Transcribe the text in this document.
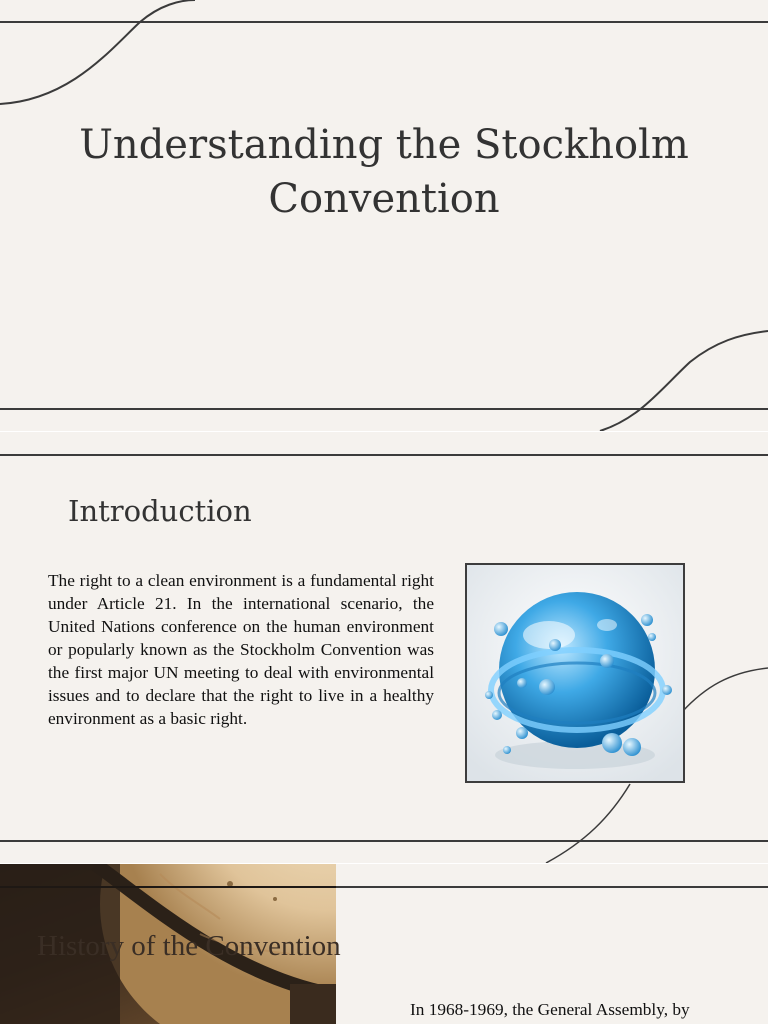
Understanding the Stockholm Convention
Introduction

The right to a clean environment is a fundamental right under Article 21. In the international scenario, the United Nations conference on the human environment or popularly known as the Stockholm Convention was the first major UN meeting to deal with environmental issues and to declare that the right to live in a healthy environment as a basic right.

History of the Convention

In 1968-1969, the General Assembly, by
